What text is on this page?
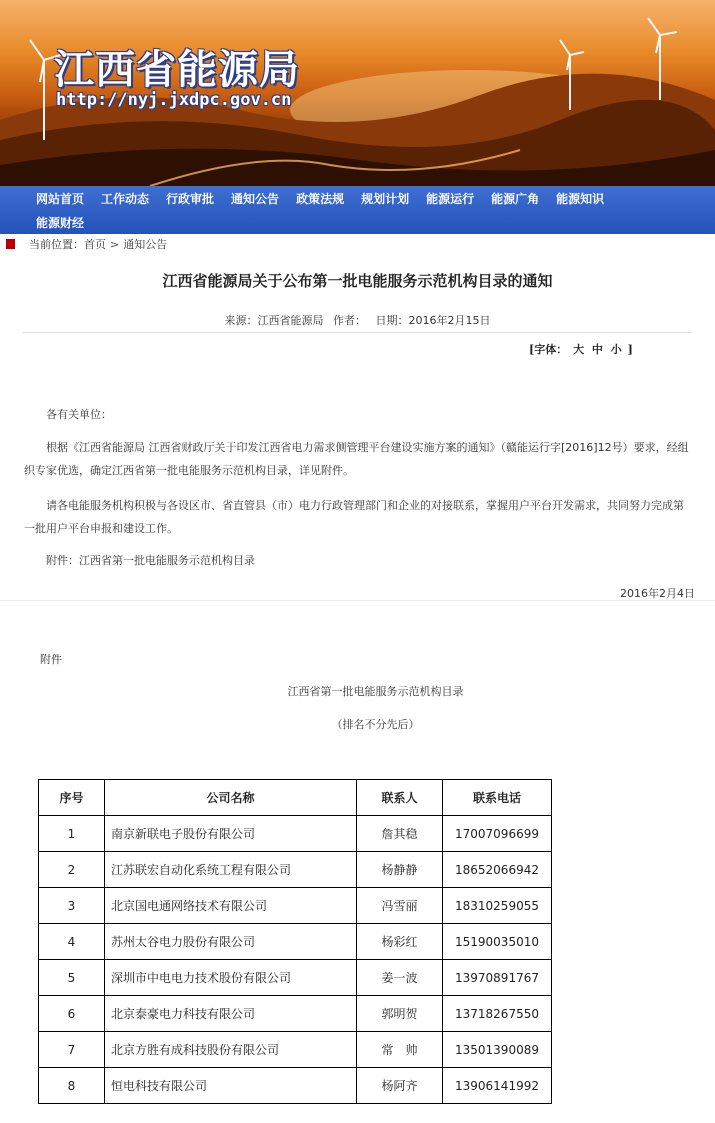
江西省能源局
http://nyj.jxdpc.gov.cn
网站首页 工作动态 行政审批 通知公告 政策法规 规划计划 能源运行 能源广角 能源知识
能源财经
当前位置： 首页 > 通知公告
江西省能源局关于公布第一批电能服务示范机构目录的通知
来源：江西省能源局 作者： 日期：2016年2月15日
[字体： 大 中 小 ]
各有关单位：
根据《江西省能源局 江西省财政厅关于印发江西省电力需求侧管理平台建设实施方案的通知》（赣能运行字[2016]12号）要求，经组织专家优选，确定江西省第一批电能服务示范机构目录，详见附件。
请各电能服务机构积极与各设区市、省直管县（市）电力行政管理部门和企业的对接联系，掌握用户平台开发需求，共同努力完成第一批用户平台申报和建设工作。
附件：江西省第一批电能服务示范机构目录
2016年2月4日
附件
江西省第一批电能服务示范机构目录
（排名不分先后）
序号	公司名称	联系人	联系电话
1	南京新联电子股份有限公司	詹其稳	17007096699
2	江苏联宏自动化系统工程有限公司	杨静静	18652066942
3	北京国电通网络技术有限公司	冯雪丽	18310259055
4	苏州太谷电力股份有限公司	杨彩红	15190035010
5	深圳市中电电力技术股份有限公司	姜一波	13970891767
6	北京泰豪电力科技有限公司	郭明贺	13718267550
7	北京方胜有成科技股份有限公司	常　帅	13501390089
8	恒电科技有限公司	杨阿齐	13906141992
